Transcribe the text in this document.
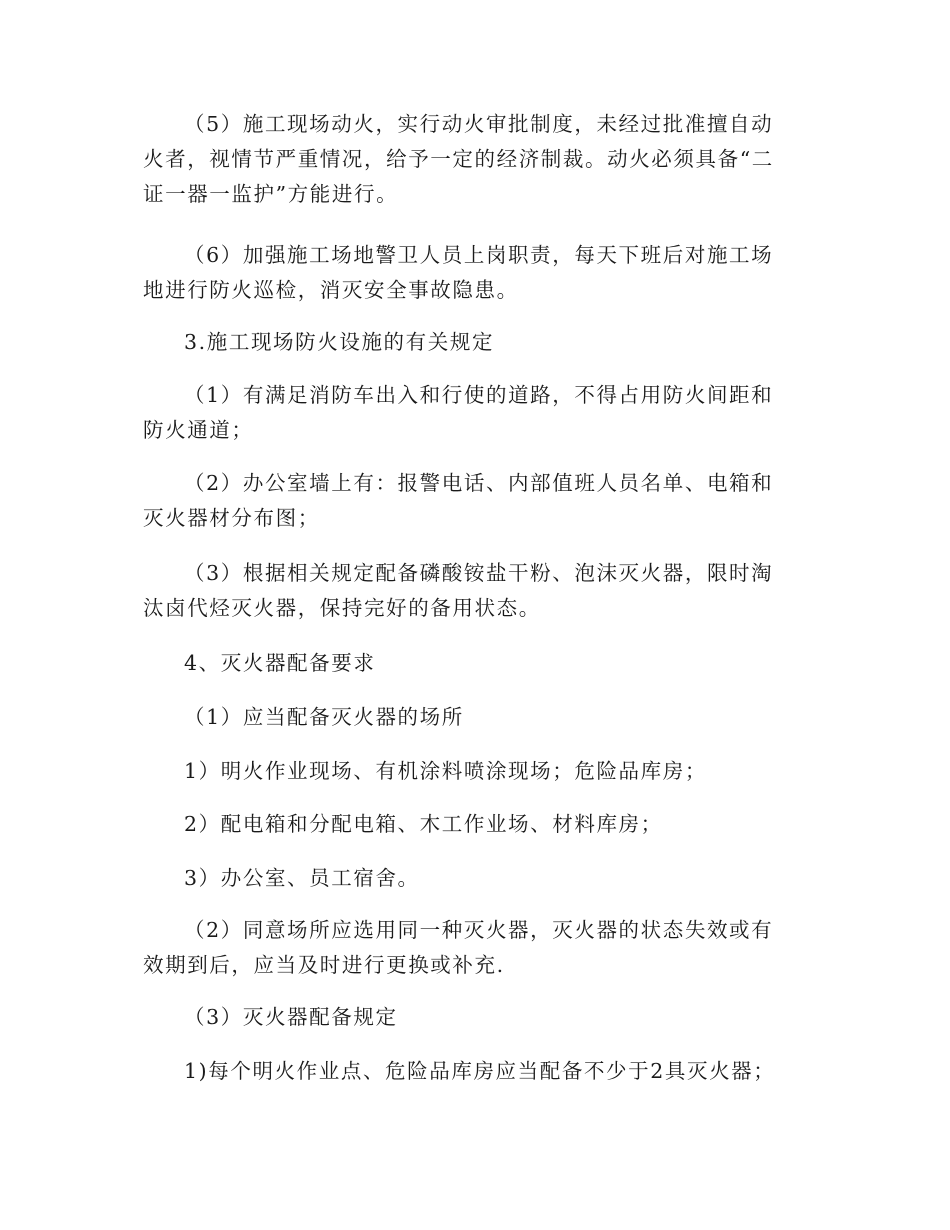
（5）施工现场动火，实行动火审批制度，未经过批准擅自动火者，视情节严重情况，给予一定的经济制裁。动火必须具备“二证一器一监护”方能进行。

（6）加强施工场地警卫人员上岗职责，每天下班后对施工场地进行防火巡检，消灭安全事故隐患。

3.施工现场防火设施的有关规定

（1）有满足消防车出入和行使的道路，不得占用防火间距和防火通道；

（2）办公室墙上有：报警电话、内部值班人员名单、电箱和灭火器材分布图；

（3）根据相关规定配备磷酸铵盐干粉、泡沫灭火器，限时淘汰卤代烃灭火器，保持完好的备用状态。

4、灭火器配备要求

（1）应当配备灭火器的场所

1）明火作业现场、有机涂料喷涂现场；危险品库房；

2）配电箱和分配电箱、木工作业场、材料库房；

3）办公室、员工宿舍。

（2）同意场所应选用同一种灭火器，灭火器的状态失效或有效期到后，应当及时进行更换或补充.

（3）灭火器配备规定

1)每个明火作业点、危险品库房应当配备不少于2具灭火器；
